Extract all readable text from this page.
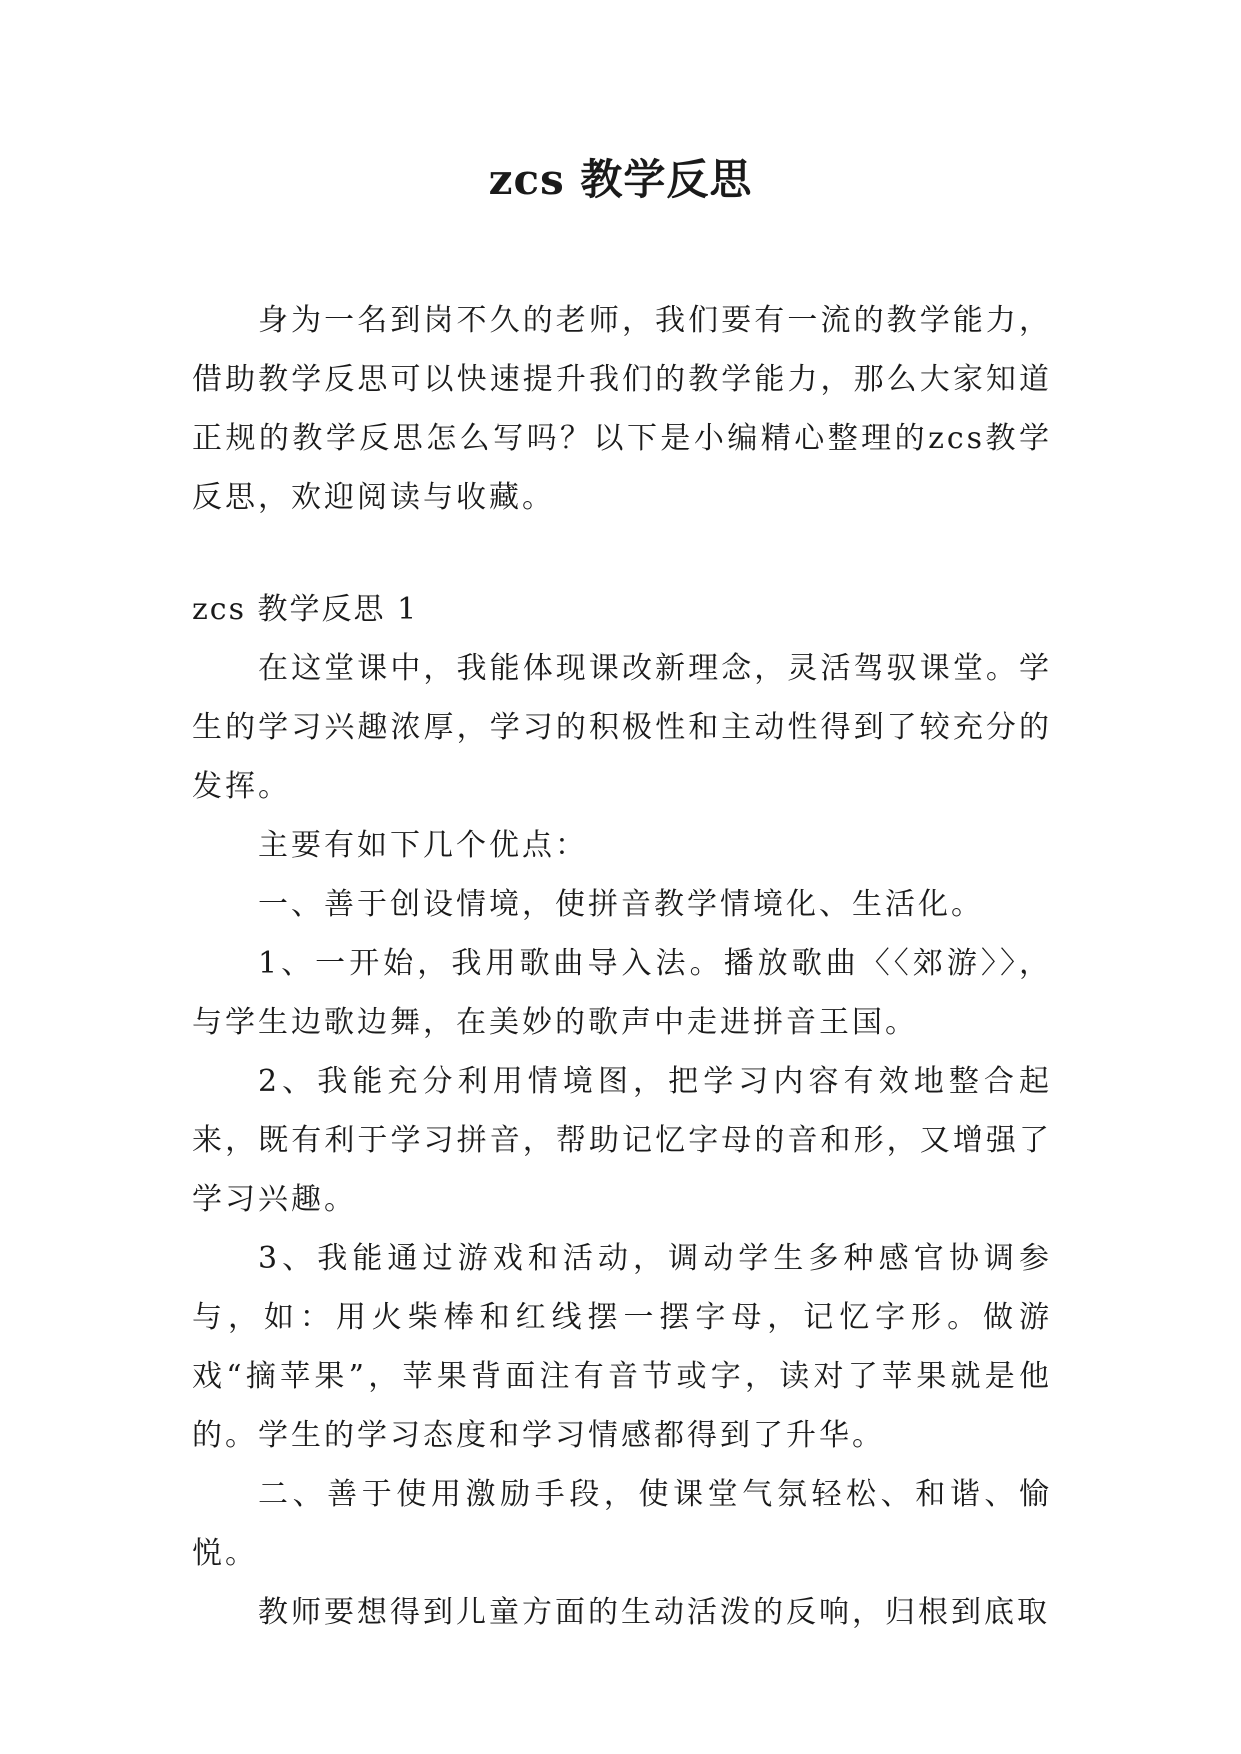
zcs 教学反思

身为一名到岗不久的老师，我们要有一流的教学能力，借助教学反思可以快速提升我们的教学能力，那么大家知道正规的教学反思怎么写吗？以下是小编精心整理的zcs教学反思，欢迎阅读与收藏。

zcs 教学反思 1

在这堂课中，我能体现课改新理念，灵活驾驭课堂。学生的学习兴趣浓厚，学习的积极性和主动性得到了较充分的发挥。

主要有如下几个优点：

一、善于创设情境，使拼音教学情境化、生活化。

1、一开始，我用歌曲导入法。播放歌曲〈〈郊游〉〉，与学生边歌边舞，在美妙的歌声中走进拼音王国。

2、我能充分利用情境图，把学习内容有效地整合起来，既有利于学习拼音，帮助记忆字母的音和形，又增强了学习兴趣。

3、我能通过游戏和活动，调动学生多种感官协调参与，如：用火柴棒和红线摆一摆字母，记忆字形。做游戏“摘苹果”，苹果背面注有音节或字，读对了苹果就是他的。学生的学习态度和学习情感都得到了升华。

二、善于使用激励手段，使课堂气氛轻松、和谐、愉悦。

教师要想得到儿童方面的生动活泼的反响，归根到底取
